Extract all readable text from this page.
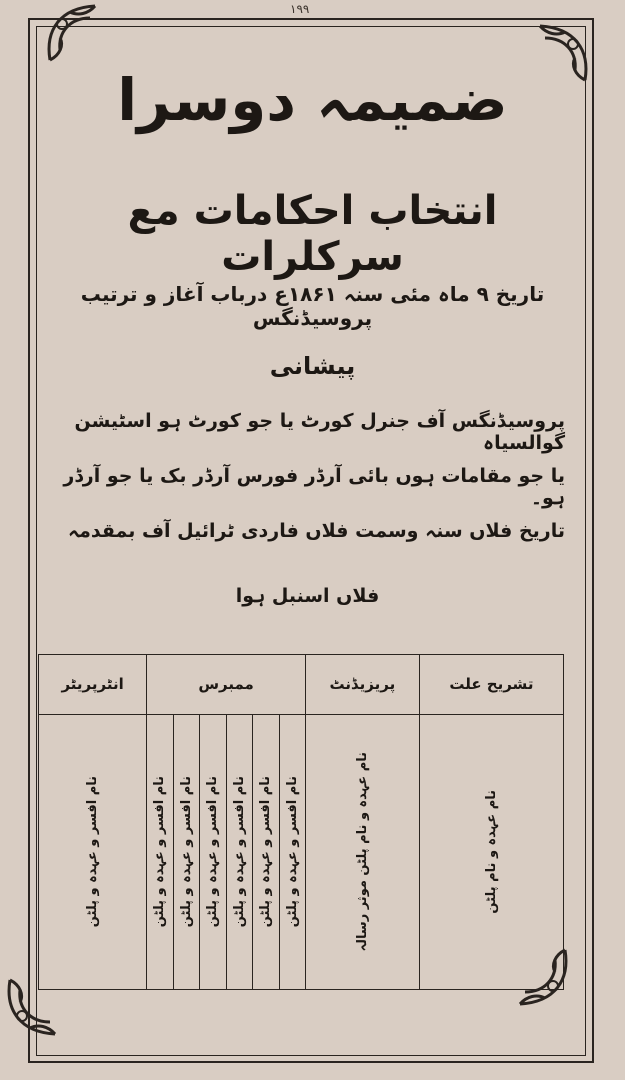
۱۹۹
ضمیمہ دوسرا
انتخاب احکامات مع سرکلرات
تاریخ ۹ ماہ مئی سنہ ۱۸۶۱ع درباب آغاز و ترتیب پروسیڈنگس
پیشانی
پروسیڈنگس آف جنرل کورٹ یا جو کورٹ ہو اسٹیشن گوالسیاہ
یا جو مقامات ہوں بائی آرڈر فورس آرڈر بک یا جو آرڈر ہو۔
تاریخ فلاں سنہ وسمت فلاں فاردی ٹرائیل آف بمقدمہ
فلاں اسنبل ہوا
تشریح علت	پریزیڈنٹ	ممبرس						انٹرپریٹر

نام عہدہ و نام پلٹن	نام عہدہ و نام پلٹن موثر رسالہ	نام افسر و عہدہ و پلٹن	نام افسر و عہدہ و پلٹن	نام افسر و عہدہ و پلٹن	نام افسر و عہدہ و پلٹن	نام افسر و عہدہ و پلٹن	نام افسر و عہدہ و پلٹن	نام افسر و عہدہ و پلٹن
